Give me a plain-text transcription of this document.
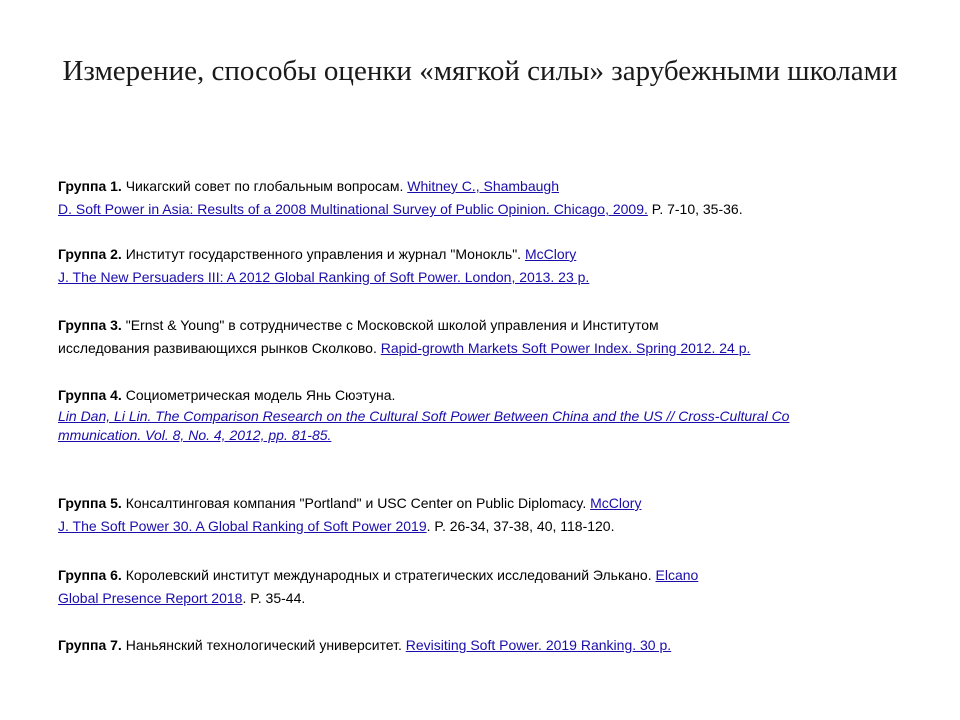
Измерение, способы оценки «мягкой силы» зарубежными школами
Группа 1. Чикагский совет по глобальным вопросам. Whitney C., Shambaugh
D. Soft Power in Asia: Results of a 2008 Multinational Survey of Public Opinion. Chicago, 2009. P. 7-10, 35-36.
Группа 2. Институт государственного управления и журнал "Монокль". McClory
J. The New Persuaders III: A 2012 Global Ranking of Soft Power. London, 2013. 23 p.
Группа 3. "Ernst & Young" в сотрудничестве с Московской школой управления и Институтом
исследования развивающихся рынков Сколково. Rapid-growth Markets Soft Power Index. Spring 2012. 24 p.
Группа 4. Социометрическая модель Янь Сюэтуна.
Lin Dan, Li Lin. The Comparison Research on the Cultural Soft Power Between China and the US // Cross-Cultural Co
mmunication. Vol. 8, No. 4, 2012, pp. 81-85.
Группа 5. Консалтинговая компания "Portland" и USC Center on Public Diplomacy. McClory
J. The Soft Power 30. A Global Ranking of Soft Power 2019. P. 26-34, 37-38, 40, 118-120.
Группа 6. Королевский институт международных и стратегических исследований Элькано. Elcano
Global Presence Report 2018. P. 35-44.
Группа 7. Наньянский технологический университет. Revisiting Soft Power. 2019 Ranking. 30 p.
